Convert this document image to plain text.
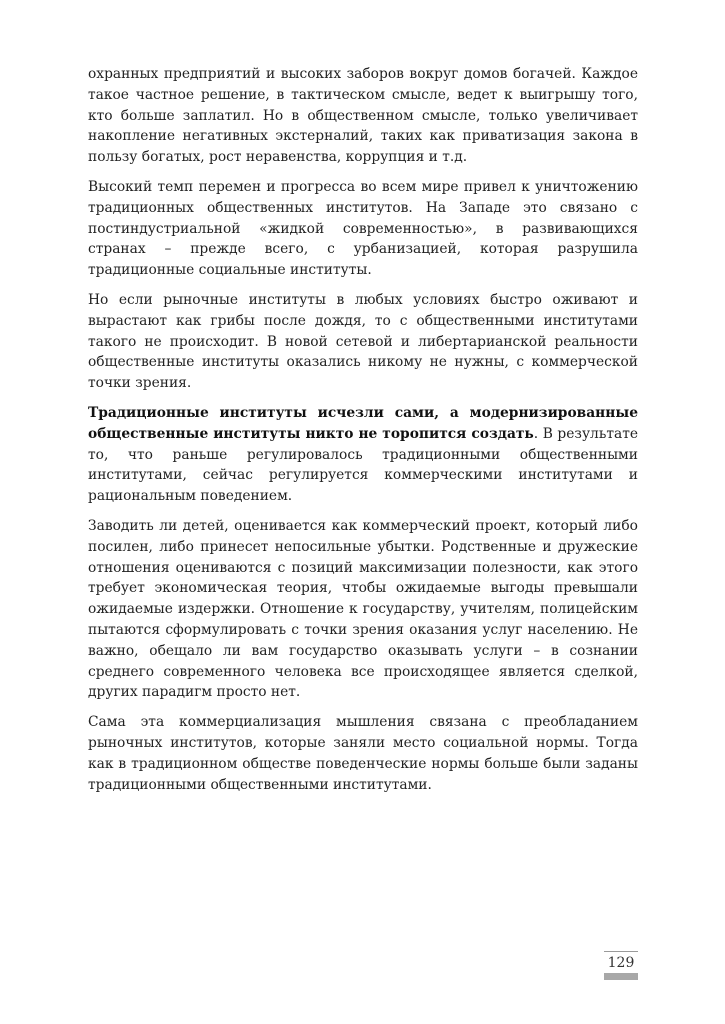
охранных предприятий и высоких заборов вокруг домов богачей. Каждое такое частное решение, в тактическом смысле, ведет к выигрышу того, кто больше заплатил. Но в общественном смысле, только увеличивает накопление негативных экстерналий, таких как приватизация закона в пользу богатых, рост неравенства, коррупция и т.д.

Высокий темп перемен и прогресса во всем мире привел к уничтожению традиционных общественных институтов. На Западе это связано с постиндустриальной «жидкой современностью», в развивающихся странах – прежде всего, с урбанизацией, которая разрушила традиционные социальные институты.

Но если рыночные институты в любых условиях быстро оживают и вырастают как грибы после дождя, то с общественными институтами такого не происходит. В новой сетевой и либертарианской реальности общественные институты оказались никому не нужны, с коммерческой точки зрения.

Традиционные институты исчезли сами, а модернизированные общественные институты никто не торопится создать. В результате то, что раньше регулировалось традиционными общественными институтами, сейчас регулируется коммерческими институтами и рациональным поведением.

Заводить ли детей, оценивается как коммерческий проект, который либо посилен, либо принесет непосильные убытки. Родственные и дружеские отношения оцениваются с позиций максимизации полезности, как этого требует экономическая теория, чтобы ожидаемые выгоды превышали ожидаемые издержки. Отношение к государству, учителям, полицейским пытаются сформулировать с точки зрения оказания услуг населению. Не важно, обещало ли вам государство оказывать услуги – в сознании среднего современного человека все происходящее является сделкой, других парадигм просто нет.

Сама эта коммерциализация мышления связана с преобладанием рыночных институтов, которые заняли место социальной нормы. Тогда как в традиционном обществе поведенческие нормы больше были заданы традиционными общественными институтами.

129
